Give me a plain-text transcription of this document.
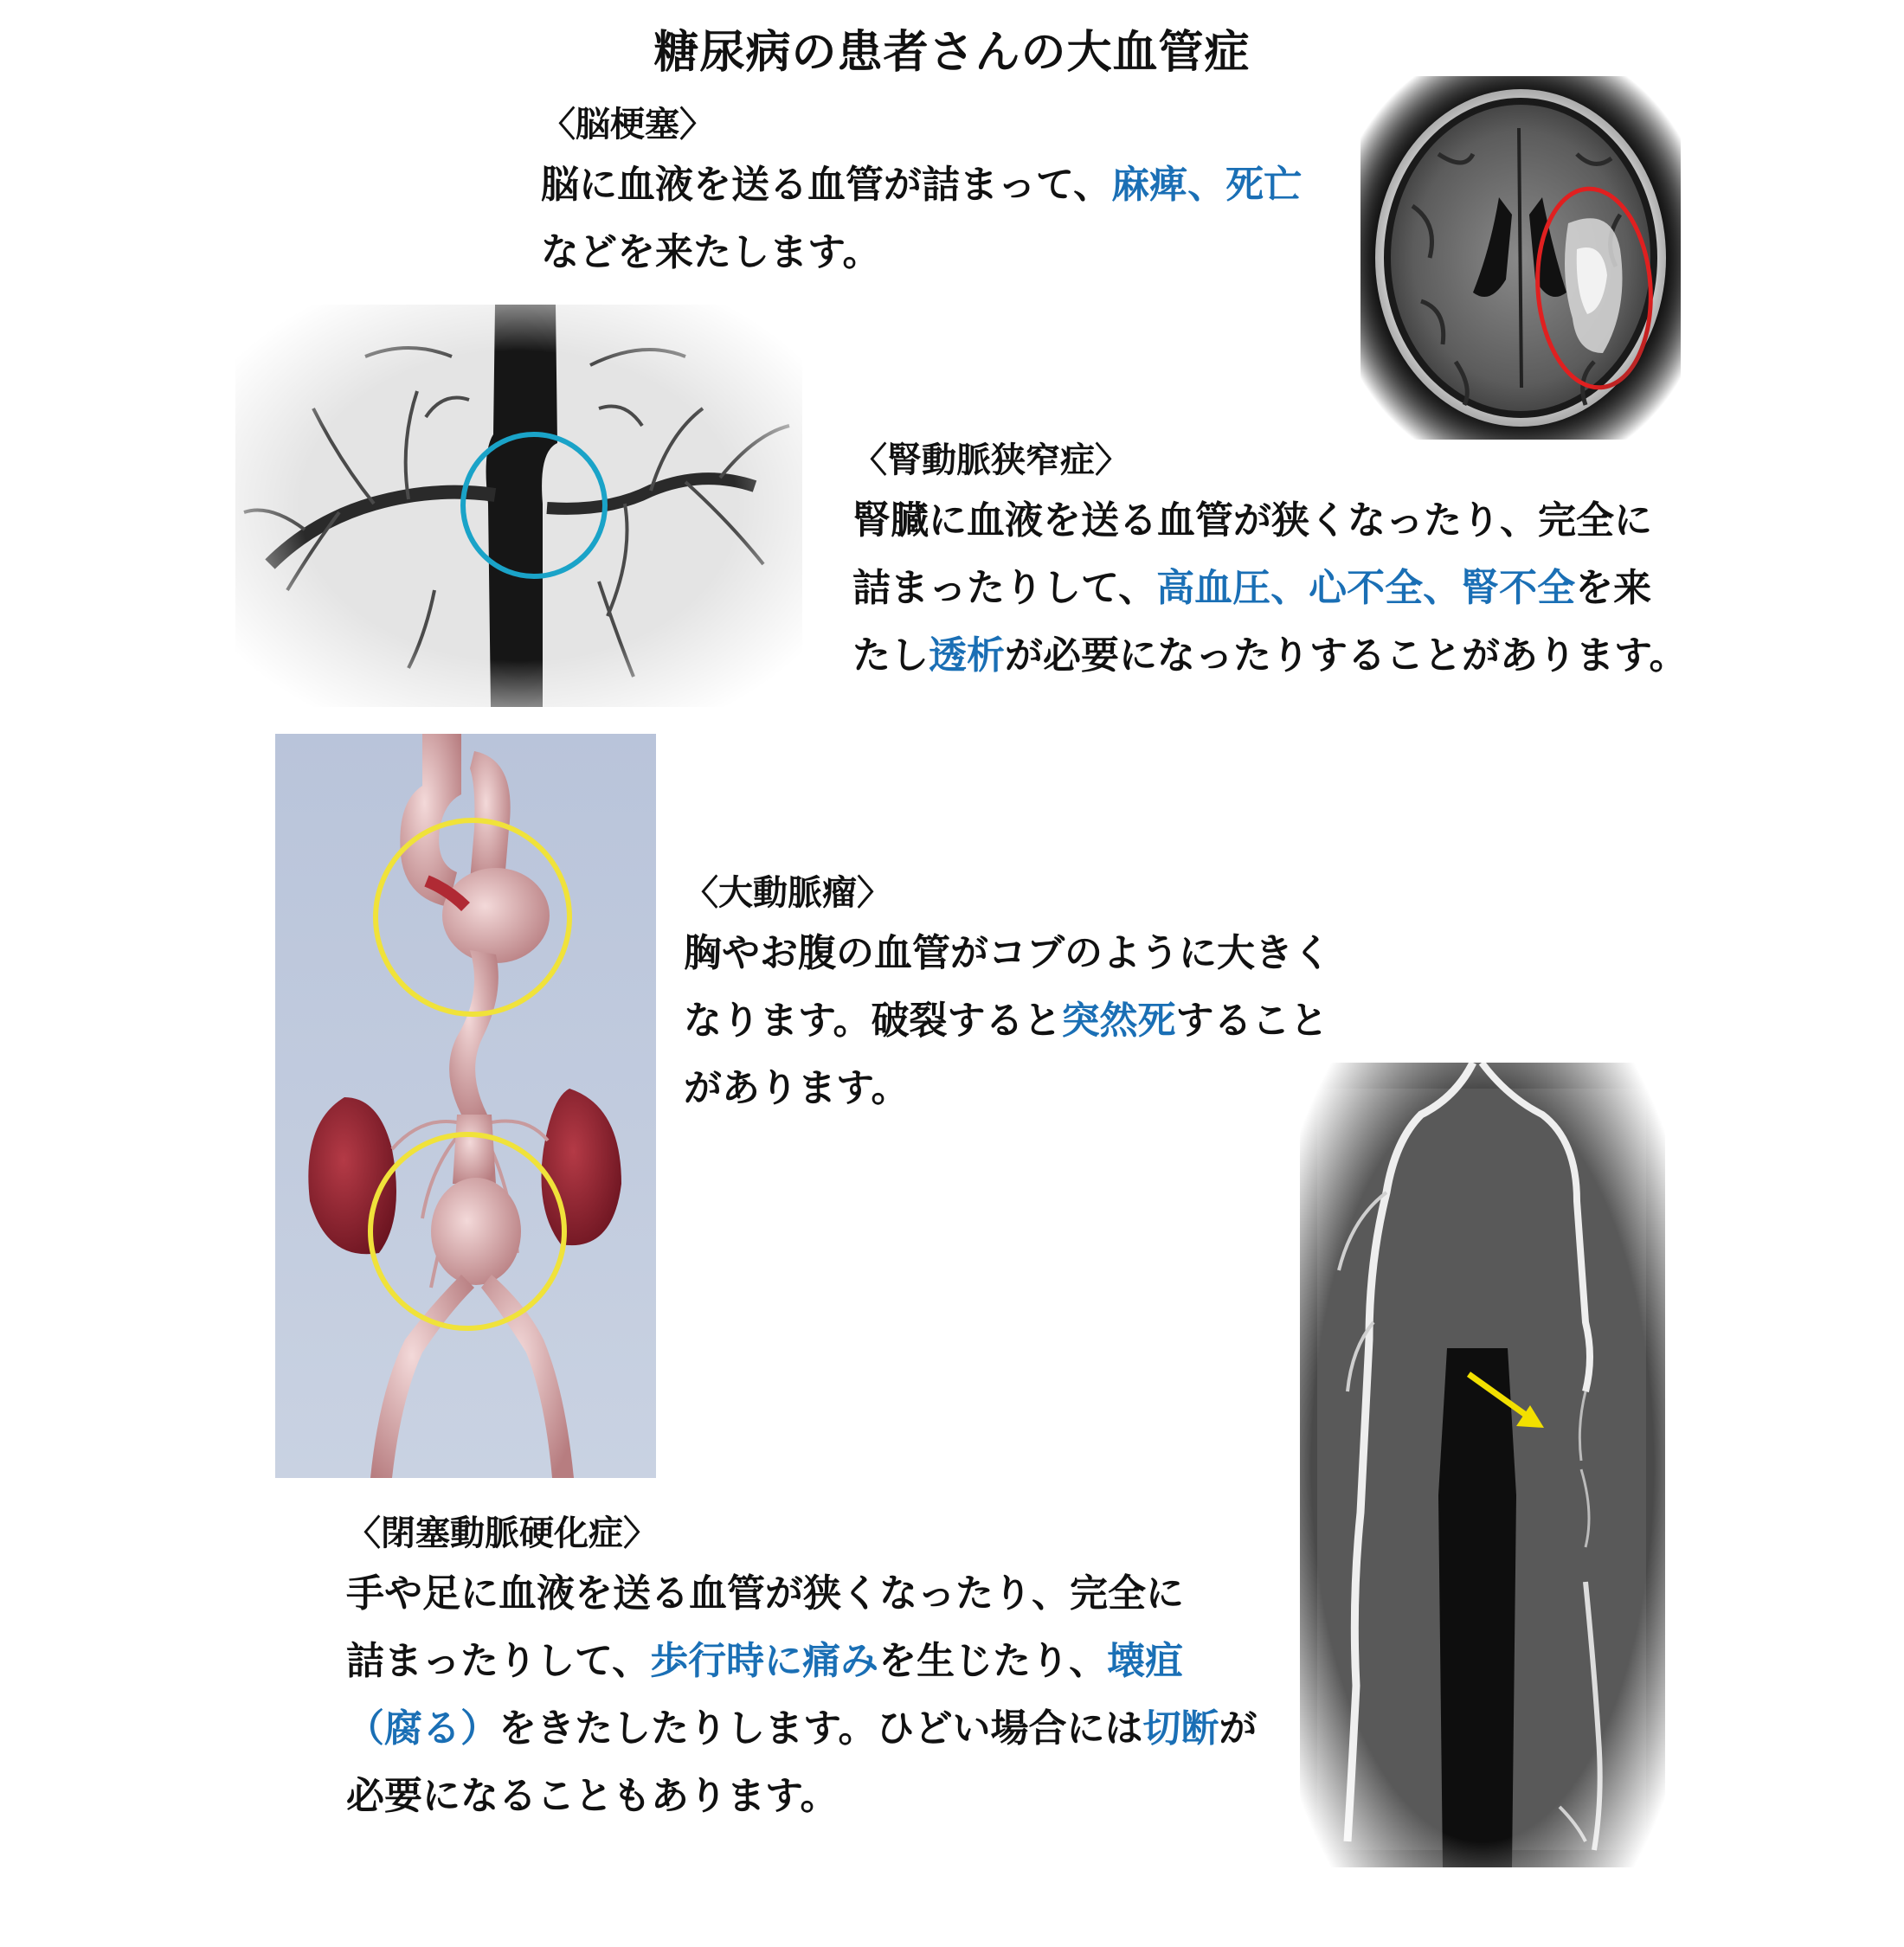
糖尿病の患者さんの大血管症
〈脳梗塞〉
脳に血液を送る血管が詰まって、麻痺、死亡
などを来たします。
〈腎動脈狭窄症〉
腎臓に血液を送る血管が狭くなったり、完全に
詰まったりして、高血圧、心不全、腎不全を来
たし透析が必要になったりすることがあります。
〈大動脈瘤〉
胸やお腹の血管がコブのように大きく
なります。破裂すると突然死すること
があります。
〈閉塞動脈硬化症〉
手や足に血液を送る血管が狭くなったり、完全に
詰まったりして、歩行時に痛みを生じたり、壊疽
（腐る）をきたしたりします。ひどい場合には切断が
必要になることもあります。
